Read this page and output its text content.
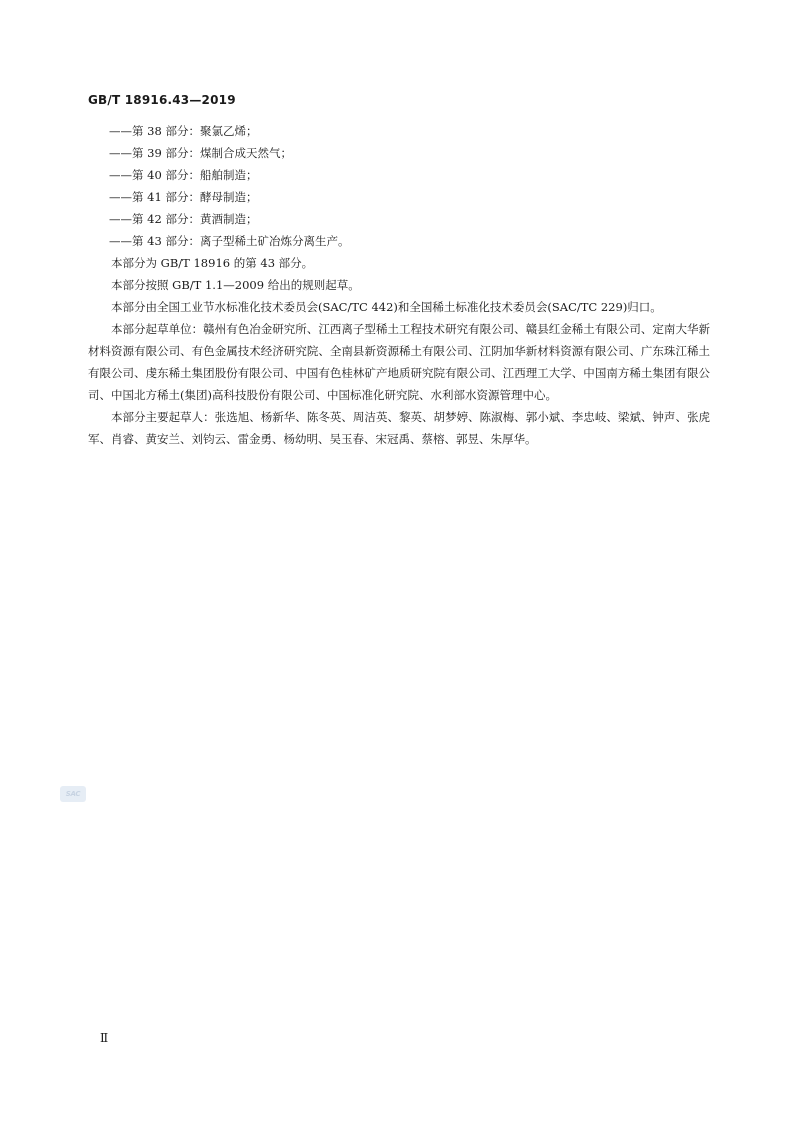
GB/T 18916.43—2019
——第 38 部分：聚氯乙烯；
——第 39 部分：煤制合成天然气；
——第 40 部分：船舶制造；
——第 41 部分：酵母制造；
——第 42 部分：黄酒制造；
——第 43 部分：离子型稀土矿冶炼分离生产。

本部分为 GB/T 18916 的第 43 部分。

本部分按照 GB/T 1.1—2009 给出的规则起草。

本部分由全国工业节水标准化技术委员会(SAC/TC 442)和全国稀土标准化技术委员会(SAC/TC 229)归口。

本部分起草单位：赣州有色冶金研究所、江西离子型稀土工程技术研究有限公司、赣县红金稀土有限公司、定南大华新材料资源有限公司、有色金属技术经济研究院、全南县新资源稀土有限公司、江阴加华新材料资源有限公司、广东珠江稀土有限公司、虔东稀土集团股份有限公司、中国有色桂林矿产地质研究院有限公司、江西理工大学、中国南方稀土集团有限公司、中国北方稀土(集团)高科技股份有限公司、中国标准化研究院、水利部水资源管理中心。

本部分主要起草人：张选旭、杨新华、陈冬英、周洁英、黎英、胡梦婷、陈淑梅、郭小斌、李忠岐、梁斌、钟声、张虎军、肖睿、黄安兰、刘钧云、雷金勇、杨幼明、吴玉春、宋冠禹、蔡榕、郭昱、朱厚华。

SAC
Ⅱ
